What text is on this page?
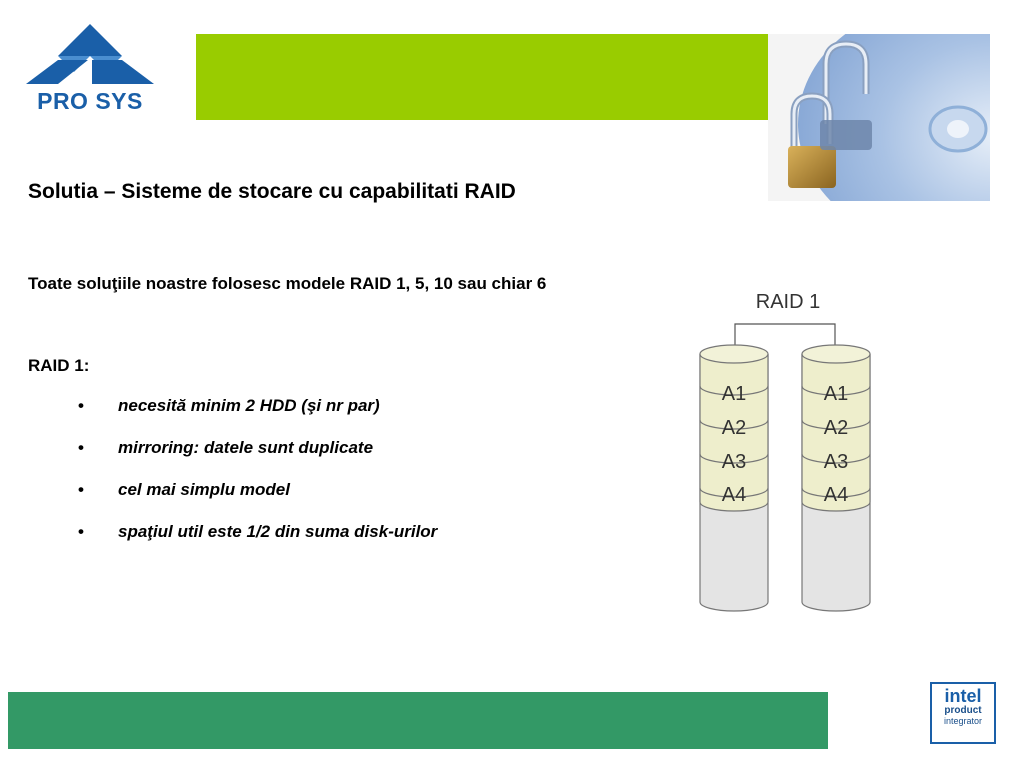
PRO SYS
Solutia – Sisteme de stocare cu capabilitati RAID
Toate soluţiile noastre folosesc modele RAID 1, 5, 10 sau chiar 6
RAID 1:
• necesită minim 2 HDD (şi nr par)
• mirroring: datele sunt duplicate
• cel mai simplu model
• spaţiul util este 1/2 din suma disk-urilor
RAID 1
A1
A2
A3
A4
A1
A2
A3
A4
intel
product
integrator
